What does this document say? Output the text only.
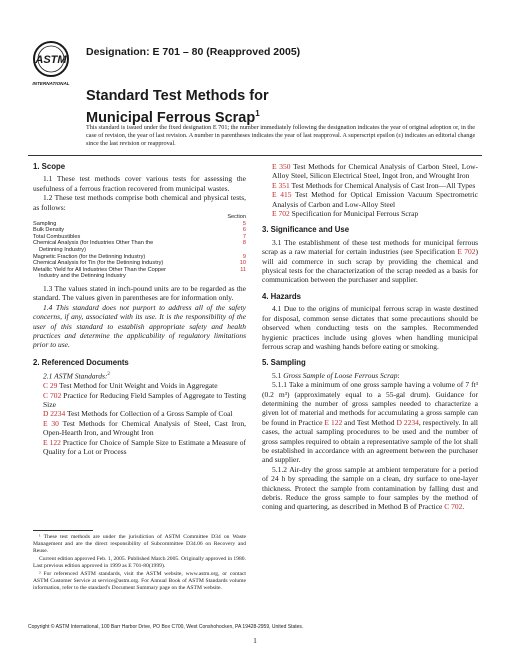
ASTM
INTERNATIONAL
Designation: E 701 – 80 (Reapproved 2005)
Standard Test Methods for
Municipal Ferrous Scrap$^1$
This standard is issued under the fixed designation E 701; the number immediately following the designation indicates the year of original adoption or, in the case of revision, the year of last revision. A number in parentheses indicates the year of last reapproval. A superscript epsilon (ε) indicates an editorial change since the last revision or reapproval.

1. Scope

1.1 These test methods cover various tests for assessing the usefulness of a ferrous fraction recovered from municipal wastes.

1.2 These test methods comprise both chemical and physical tests, as follows:

Section
Sampling	5
Bulk Density	6
Total Combustibles	7
Chemical Analysis (for Industries Other Than the	8
Detinning Industry)
Magnetic Fraction (for the Detinning Industry)	9
Chemical Analysis for Tin (for the Detinning Industry)	10
Metallic Yield for All Industries Other Than the Copper	11
Industry and the Detinning Industry

1.3 The values stated in inch-pound units are to be regarded as the standard. The values given in parentheses are for information only.

1.4 This standard does not purport to address all of the safety concerns, if any, associated with its use. It is the responsibility of the user of this standard to establish appropriate safety and health practices and determine the applicability of regulatory limitations prior to use.

2. Referenced Documents

2.1 ASTM Standards:$^2$

C 29 Test Method for Unit Weight and Voids in Aggregate

C 702 Practice for Reducing Field Samples of Aggregate to Testing Size

D 2234 Test Methods for Collection of a Gross Sample of Coal

E 30 Test Methods for Chemical Analysis of Steel, Cast Iron, Open-Hearth Iron, and Wrought Iron

E 122 Practice for Choice of Sample Size to Estimate a Measure of Quality for a Lot or Process

¹ These test methods are under the jurisdiction of ASTM Committee D34 on Waste Management and are the direct responsibility of Subcommittee D34.06 on Recovery and Reuse.

Current edition approved Feb. 1, 2005. Published March 2005. Originally approved in 1980. Last previous edition approved in 1999 as E 701-80(1999).

² For referenced ASTM standards, visit the ASTM website, www.astm.org, or contact ASTM Customer Service at service@astm.org. For Annual Book of ASTM Standards volume information, refer to the standard's Document Summary page on the ASTM website.

E 350 Test Methods for Chemical Analysis of Carbon Steel, Low-Alloy Steel, Silicon Electrical Steel, Ingot Iron, and Wrought Iron

E 351 Test Methods for Chemical Analysis of Cast Iron—All Types

E 415 Test Method for Optical Emission Vacuum Spectrometric Analysis of Carbon and Low-Alloy Steel

E 702 Specification for Municipal Ferrous Scrap

3. Significance and Use

3.1 The establishment of these test methods for municipal ferrous scrap as a raw material for certain industries (see Specification E 702) will aid commerce in such scrap by providing the chemical and physical tests for the characterization of the scrap needed as a basis for communication between the purchaser and supplier.

4. Hazards

4.1 Due to the origins of municipal ferrous scrap in waste destined for disposal, common sense dictates that some precautions should be observed when conducting tests on the samples. Recommended hygienic practices include using gloves when handling municipal ferrous scrap and washing hands before eating or smoking.

5. Sampling

5.1 Gross Sample of Loose Ferrous Scrap:

5.1.1 Take a minimum of one gross sample having a volume of 7 ft³ (0.2 m³) (approximately equal to a 55-gal drum). Guidance for determining the number of gross samples needed to characterize a given lot of material and methods for accumulating a gross sample can be found in Practice E 122 and Test Method D 2234, respectively. In all cases, the actual sampling procedures to be used and the number of gross samples required to obtain a representative sample of the lot shall be established in accordance with an agreement between the purchaser and supplier.

5.1.2 Air-dry the gross sample at ambient temperature for a period of 24 h by spreading the sample on a clean, dry surface to one-layer thickness. Protect the sample from contamination by falling dust and debris. Reduce the gross sample to four samples by the method of coning and quartering, as described in Method B of Practice C 702.

Copyright © ASTM International, 100 Barr Harbor Drive, PO Box C700, West Conshohocken, PA 19428-2959, United States.
1
